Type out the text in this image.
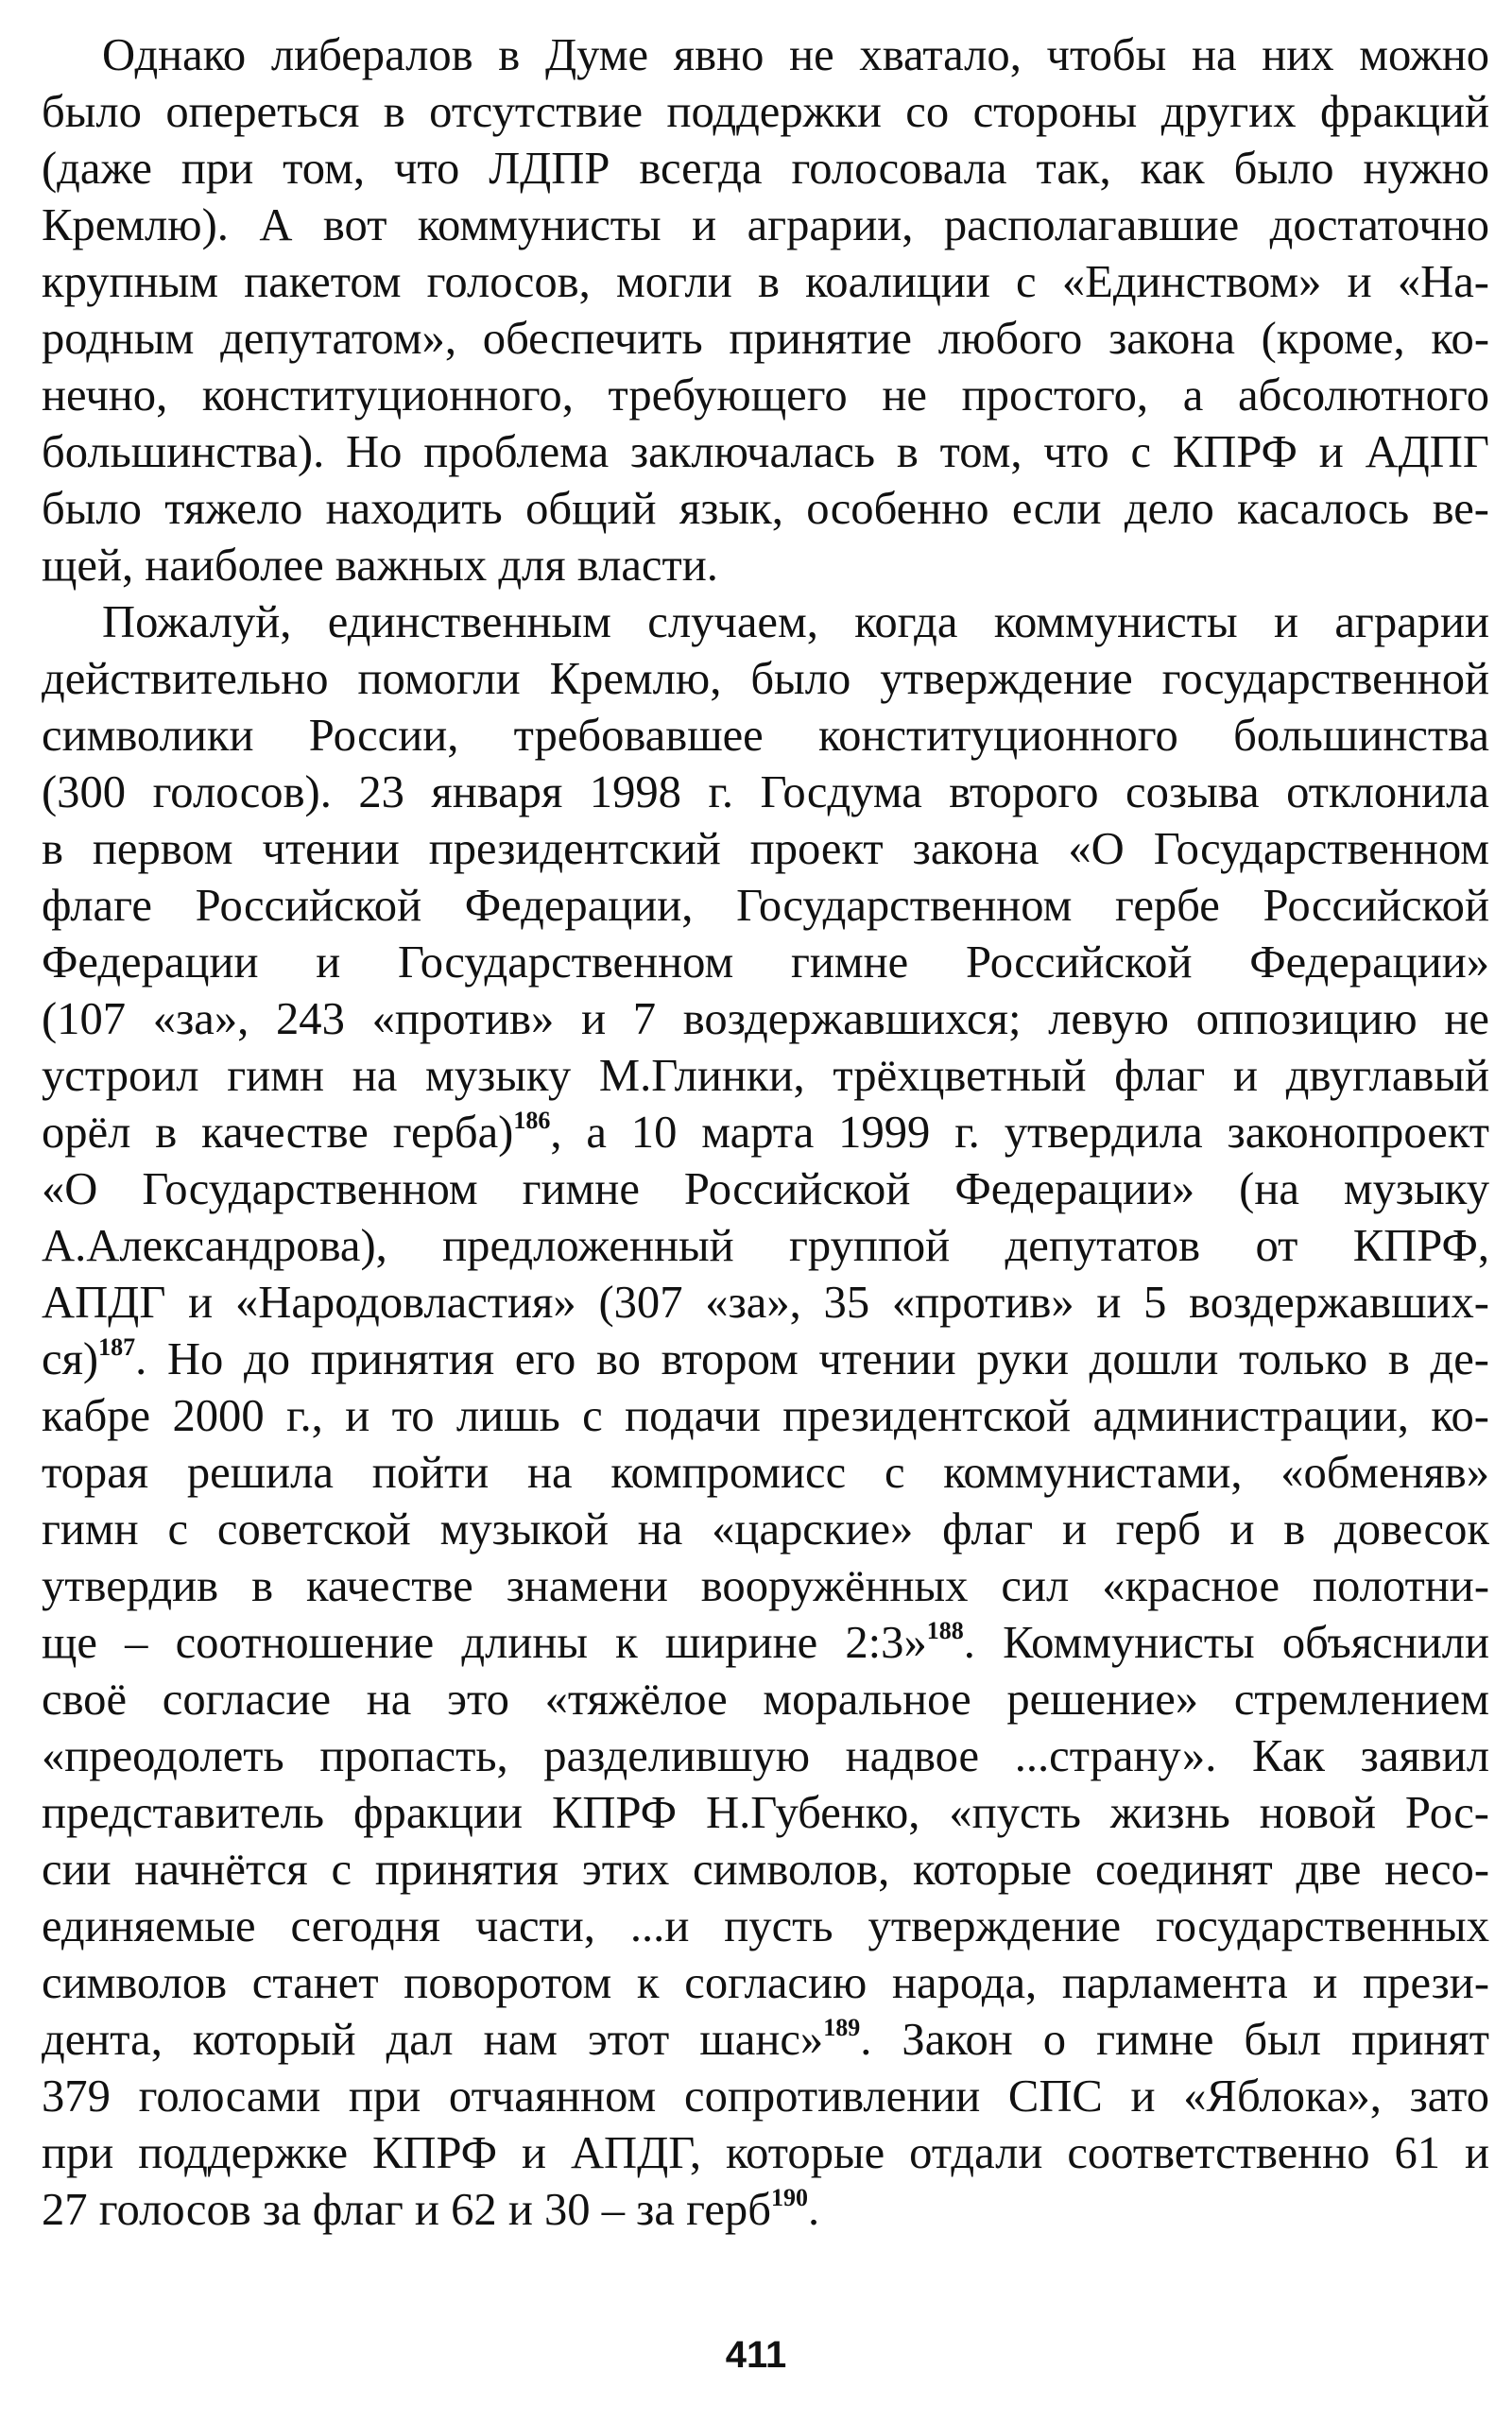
Однако либералов в Думе явно не хватало, чтобы на них можно
было опереться в отсутствие поддержки со стороны других фракций
(даже при том, что ЛДПР всегда голосовала так, как было нужно
Кремлю). А вот коммунисты и аграрии, располагавшие достаточно
крупным пакетом голосов, могли в коалиции с «Единством» и «На-
родным депутатом», обеспечить принятие любого закона (кроме, ко-
нечно, конституционного, требующего не простого, а абсолютного
большинства). Но проблема заключалась в том, что с КПРФ и АДПГ
было тяжело находить общий язык, особенно если дело касалось ве-
щей, наиболее важных для власти.
Пожалуй, единственным случаем, когда коммунисты и аграрии
действительно помогли Кремлю, было утверждение государственной
символики России, требовавшее конституционного большинства
(300 голосов). 23 января 1998 г. Госдума второго созыва отклонила
в первом чтении президентский проект закона «О Государственном
флаге Российской Федерации, Государственном гербе Российской
Федерации и Государственном гимне Российской Федерации»
(107 «за», 243 «против» и 7 воздержавшихся; левую оппозицию не
устроил гимн на музыку М.Глинки, трёхцветный флаг и двуглавый
орёл в качестве герба)$^{186}$, а 10 марта 1999 г. утвердила законопроект
«О Государственном гимне Российской Федерации» (на музыку
А.Александрова), предложенный группой депутатов от КПРФ,
АПДГ и «Народовластия» (307 «за», 35 «против» и 5 воздержавших-
ся)$^{187}$. Но до принятия его во втором чтении руки дошли только в де-
кабре 2000 г., и то лишь с подачи президентской администрации, ко-
торая решила пойти на компромисс с коммунистами, «обменяв»
гимн с советской музыкой на «царские» флаг и герб и в довесок
утвердив в качестве знамени вооружённых сил «красное полотни-
ще – соотношение длины к ширине 2:3»$^{188}$. Коммунисты объяснили
своё согласие на это «тяжёлое моральное решение» стремлением
«преодолеть пропасть, разделившую надвое ...страну». Как заявил
представитель фракции КПРФ Н.Губенко, «пусть жизнь новой Рос-
сии начнётся с принятия этих символов, которые соединят две несо-
единяемые сегодня части, ...и пусть утверждение государственных
символов станет поворотом к согласию народа, парламента и прези-
дента, который дал нам этот шанс»$^{189}$. Закон о гимне был принят
379 голосами при отчаянном сопротивлении СПС и «Яблока», зато
при поддержке КПРФ и АПДГ, которые отдали соответственно 61 и
27 голосов за флаг и 62 и 30 – за герб$^{190}$.
411
